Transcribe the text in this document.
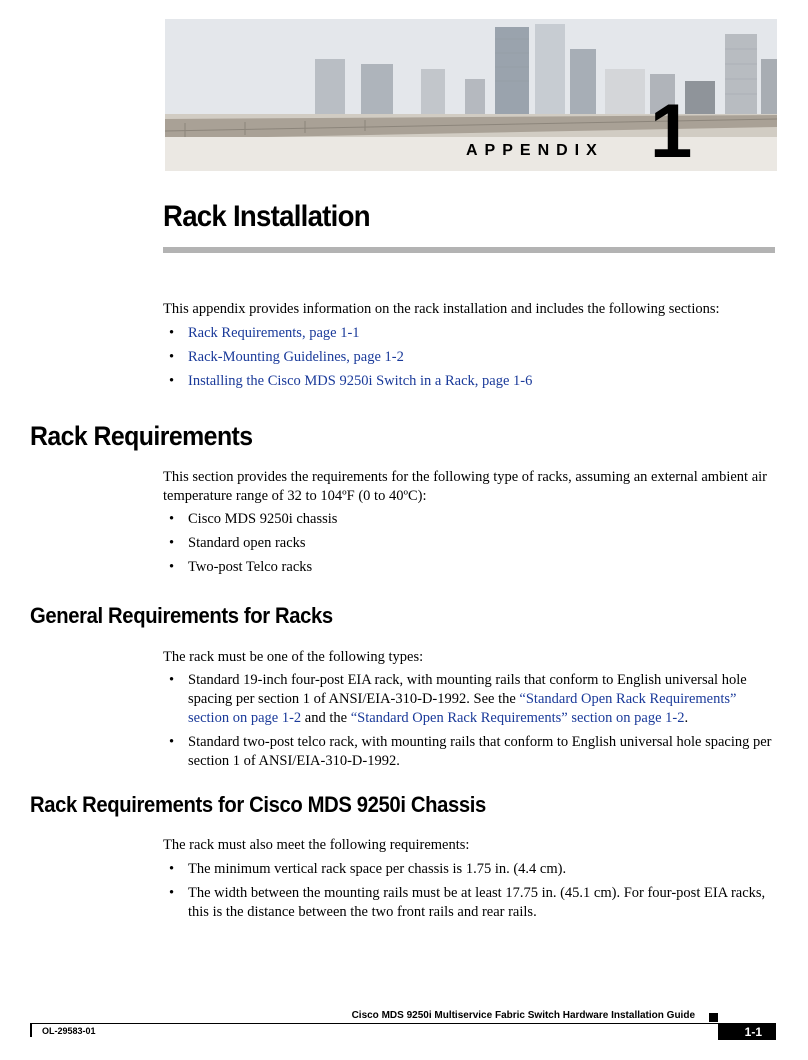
APPENDIX 1
Rack Installation

This appendix provides information on the rack installation and includes the following sections:

• Rack Requirements, page 1-1
• Rack-Mounting Guidelines, page 1-2
• Installing the Cisco MDS 9250i Switch in a Rack, page 1-6
Rack Requirements

This section provides the requirements for the following type of racks, assuming an external ambient air temperature range of 32 to 104ºF (0 to 40ºC):

• Cisco MDS 9250i chassis
• Standard open racks
• Two-post Telco racks
General Requirements for Racks

The rack must be one of the following types:

• Standard 19-inch four-post EIA rack, with mounting rails that conform to English universal hole spacing per section 1 of ANSI/EIA-310-D-1992. See the “Standard Open Rack Requirements” section on page 1-2 and the “Standard Open Rack Requirements” section on page 1-2.
• Standard two-post telco rack, with mounting rails that conform to English universal hole spacing per section 1 of ANSI/EIA-310-D-1992.
Rack Requirements for Cisco MDS 9250i Chassis

The rack must also meet the following requirements:

• The minimum vertical rack space per chassis is 1.75 in. (4.4 cm).
• The width between the mounting rails must be at least 17.75 in. (45.1 cm). For four-post EIA racks, this is the distance between the two front rails and rear rails.
Cisco MDS 9250i Multiservice Fabric Switch Hardware Installation Guide
OL-29583-01	1-1
